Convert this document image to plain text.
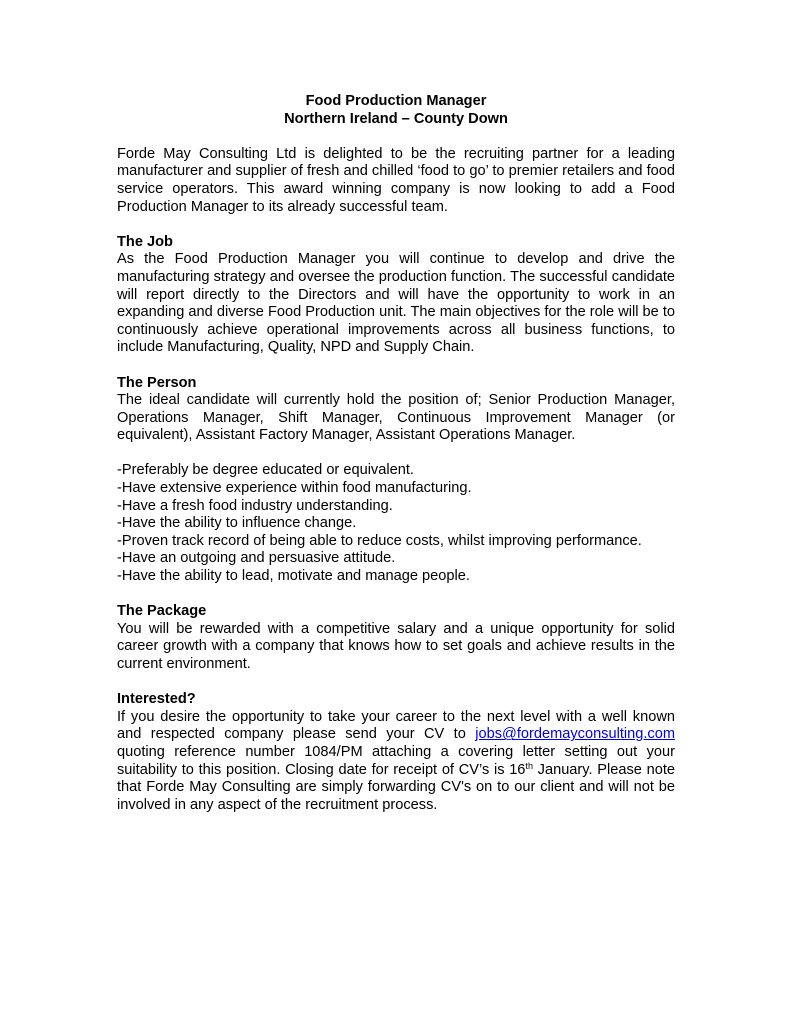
Food Production Manager
Northern Ireland – County Down

Forde May Consulting Ltd is delighted to be the recruiting partner for a leading manufacturer and supplier of fresh and chilled ‘food to go’ to premier retailers and food service operators. This award winning company is now looking to add a Food Production Manager to its already successful team.

The Job

As the Food Production Manager you will continue to develop and drive the manufacturing strategy and oversee the production function. The successful candidate will report directly to the Directors and will have the opportunity to work in an expanding and diverse Food Production unit. The main objectives for the role will be to continuously achieve operational improvements across all business functions, to include Manufacturing, Quality, NPD and Supply Chain.

The Person

The ideal candidate will currently hold the position of; Senior Production Manager, Operations Manager, Shift Manager, Continuous Improvement Manager (or equivalent), Assistant Factory Manager, Assistant Operations Manager.

-Preferably be degree educated or equivalent.
-Have extensive experience within food manufacturing.
-Have a fresh food industry understanding.
-Have the ability to influence change.
-Proven track record of being able to reduce costs, whilst improving performance.
-Have an outgoing and persuasive attitude.
-Have the ability to lead, motivate and manage people.
The Package

You will be rewarded with a competitive salary and a unique opportunity for solid career growth with a company that knows how to set goals and achieve results in the current environment.

Interested?

If you desire the opportunity to take your career to the next level with a well known and respected company please send your CV to jobs@fordemayconsulting.com quoting reference number 1084/PM attaching a covering letter setting out your suitability to this position. Closing date for receipt of CV’s is 16th January. Please note that Forde May Consulting are simply forwarding CV's on to our client and will not be involved in any aspect of the recruitment process.
